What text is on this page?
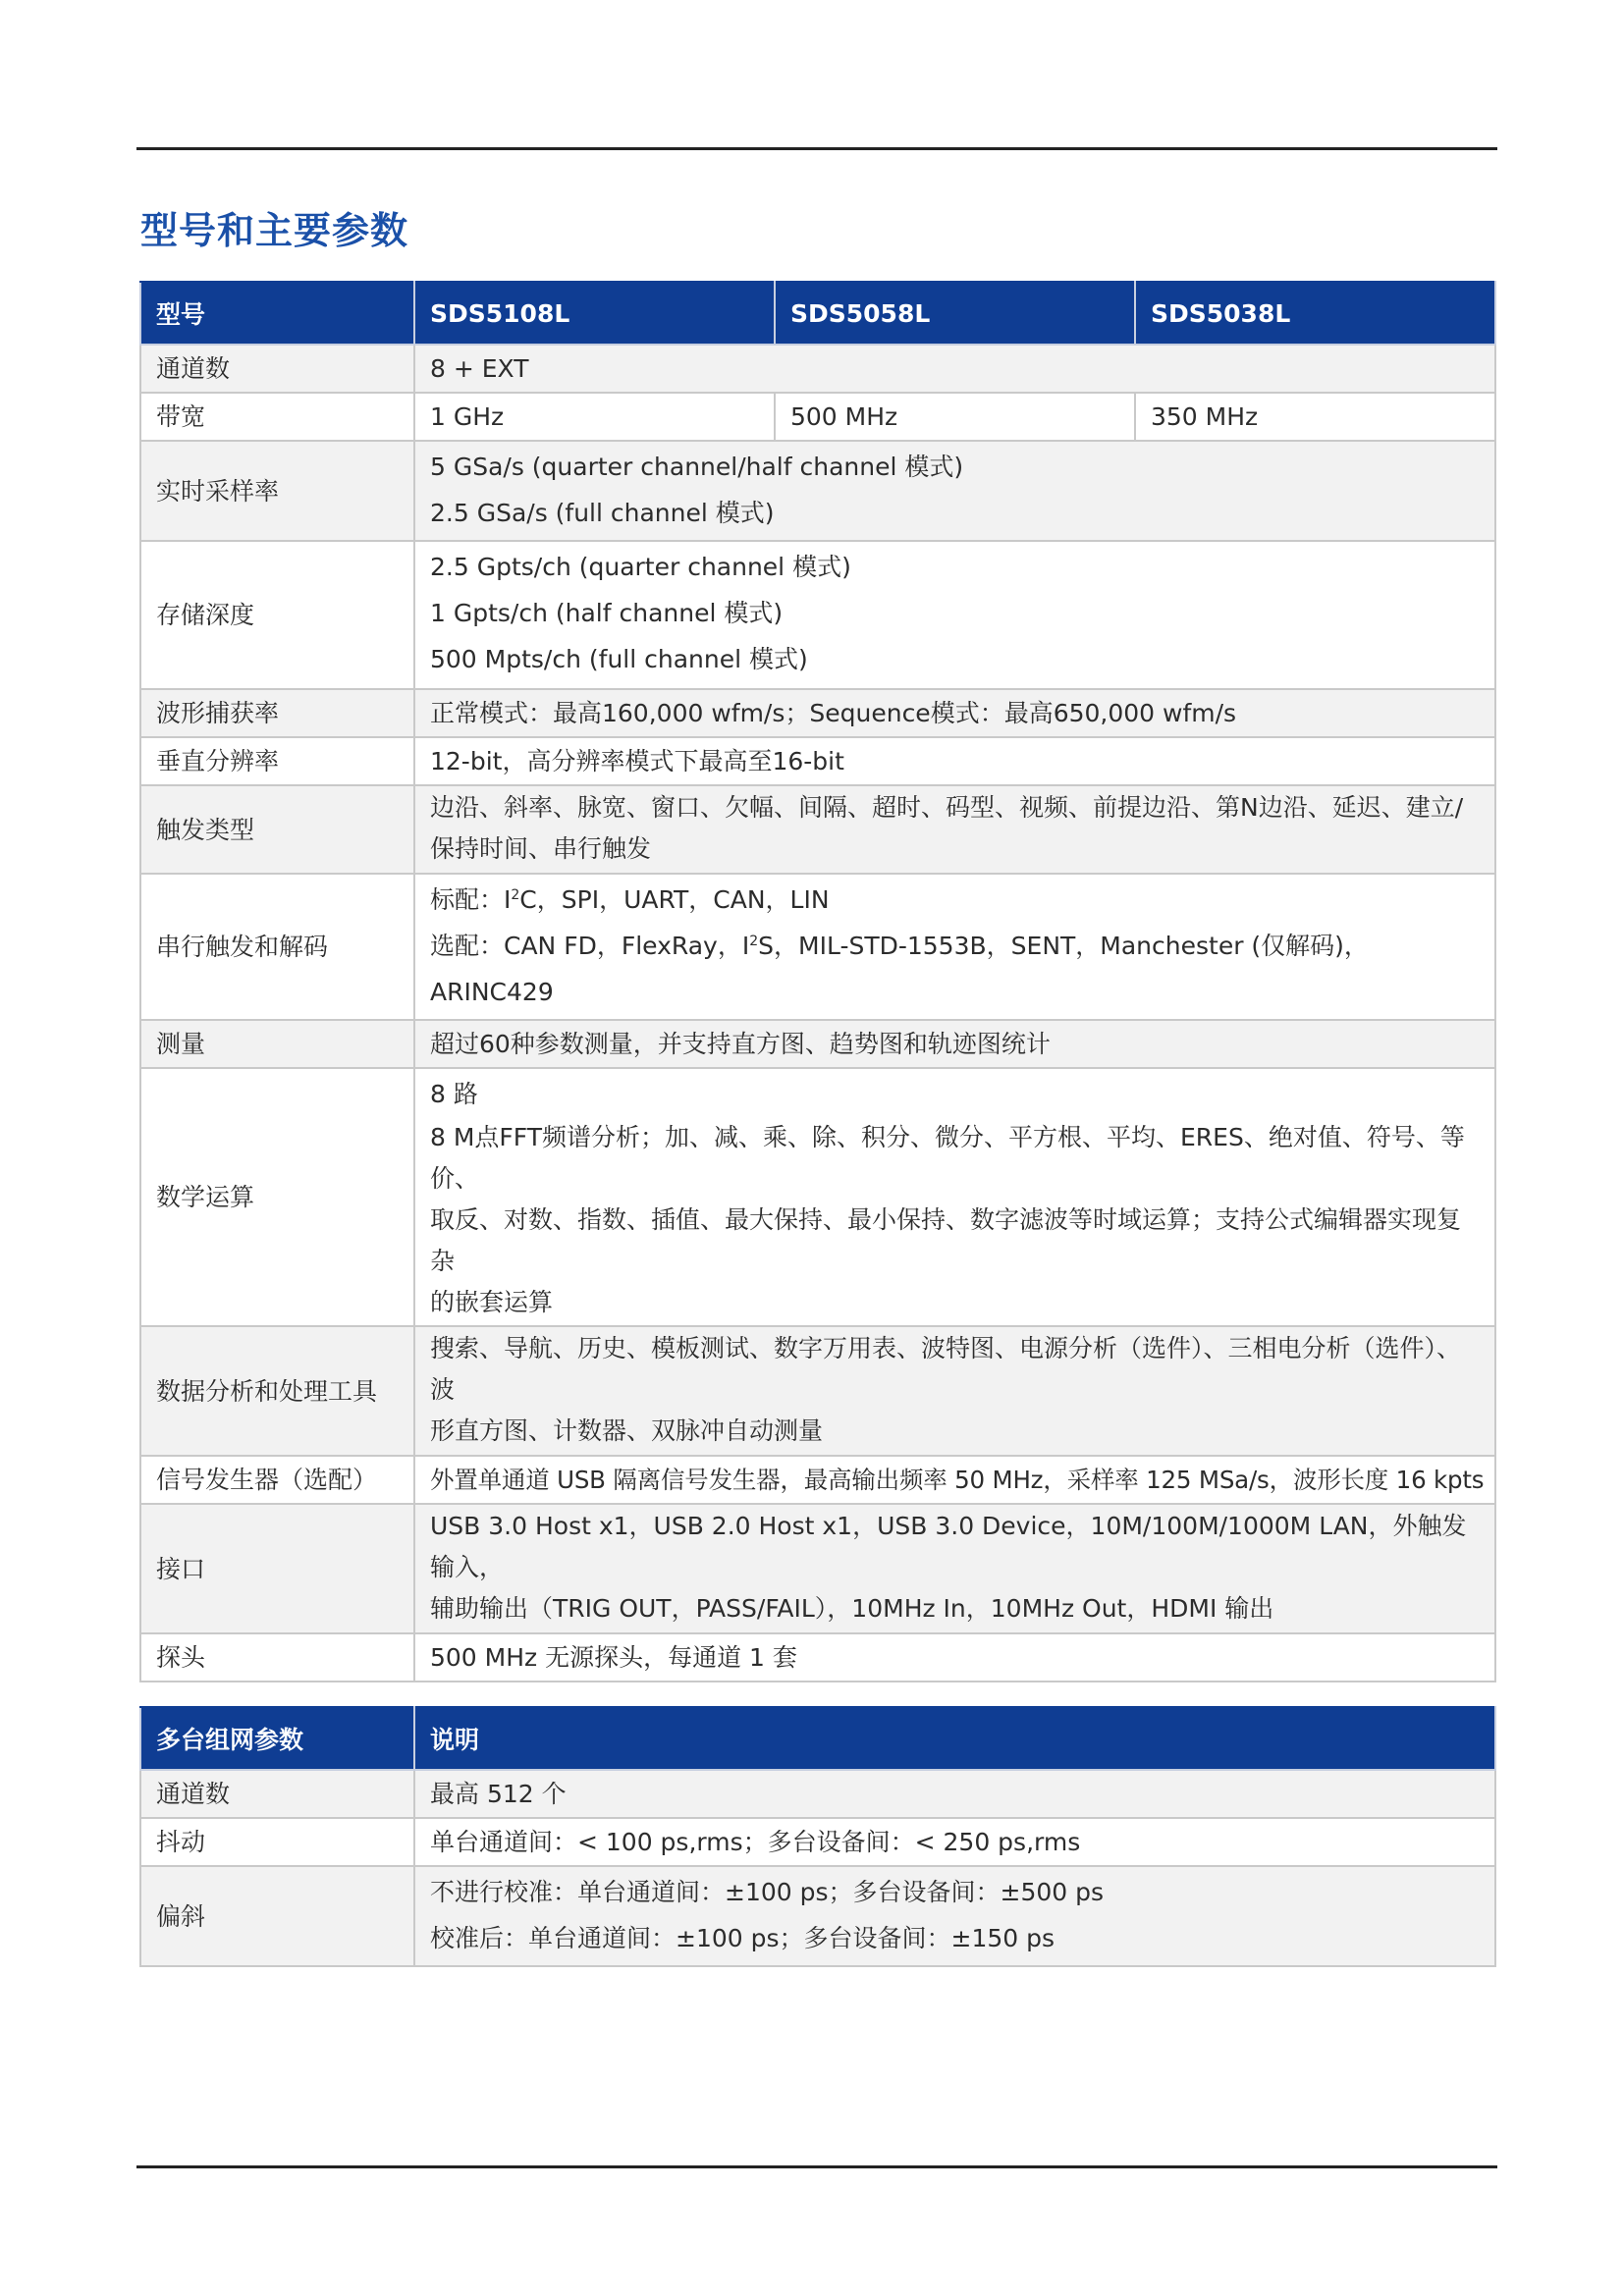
型号和主要参数
型号	SDS5108L	SDS5058L	SDS5038L
通道数	8 + EXT		
带宽	1 GHz	500 MHz	350 MHz
实时采样率	5 GSa/s (quarter channel/half channel 模式)
2.5 GSa/s (full channel 模式)		

存储深度	2.5 Gpts/ch (quarter channel 模式)
1 Gpts/ch (half channel 模式)
500 Mpts/ch (full channel 模式)		

波形捕获率	正常模式：最高160,000 wfm/s；Sequence模式：最高650,000 wfm/s		
垂直分辨率	12-bit，高分辨率模式下最高至16-bit		
触发类型	边沿、斜率、脉宽、窗口、欠幅、间隔、超时、码型、视频、前提边沿、第N边沿、延迟、建立/
保持时间、串行触发		

串行触发和解码	标配：$I^2C$，SPI，UART，CAN，LIN
选配：CAN FD，FlexRay，$I^2S$，MIL-STD-1553B，SENT，Manchester (仅解码)，ARINC429		

测量	超过60种参数测量，并支持直方图、趋势图和轨迹图统计		
数学运算	8 路
8 M点FFT频谱分析；加、减、乘、除、积分、微分、平方根、平均、ERES、绝对值、符号、等价、
取反、对数、指数、插值、最大保持、最小保持、数字滤波等时域运算；支持公式编辑器实现复杂
的嵌套运算		

数据分析和处理工具	搜索、导航、历史、模板测试、数字万用表、波特图、电源分析（选件）、三相电分析（选件）、波
形直方图、计数器、双脉冲自动测量		

信号发生器（选配）	外置单通道 USB 隔离信号发生器，最高输出频率 50 MHz，采样率 125 MSa/s，波形长度 16 kpts		
接口	USB 3.0 Host x1，USB 2.0 Host x1，USB 3.0 Device，10M/100M/1000M LAN，外触发输入，
辅助输出（TRIG OUT，PASS/FAIL），10MHz In，10MHz Out，HDMI 输出		

探头	500 MHz 无源探头，每通道 1 套		
多台组网参数	说明
通道数	最高 512 个
抖动	单台通道间：< 100 ps,rms；多台设备间：< 250 ps,rms
偏斜	不进行校准：单台通道间：±100 ps；多台设备间：±500 ps
校准后：单台通道间：±100 ps；多台设备间：±150 ps
